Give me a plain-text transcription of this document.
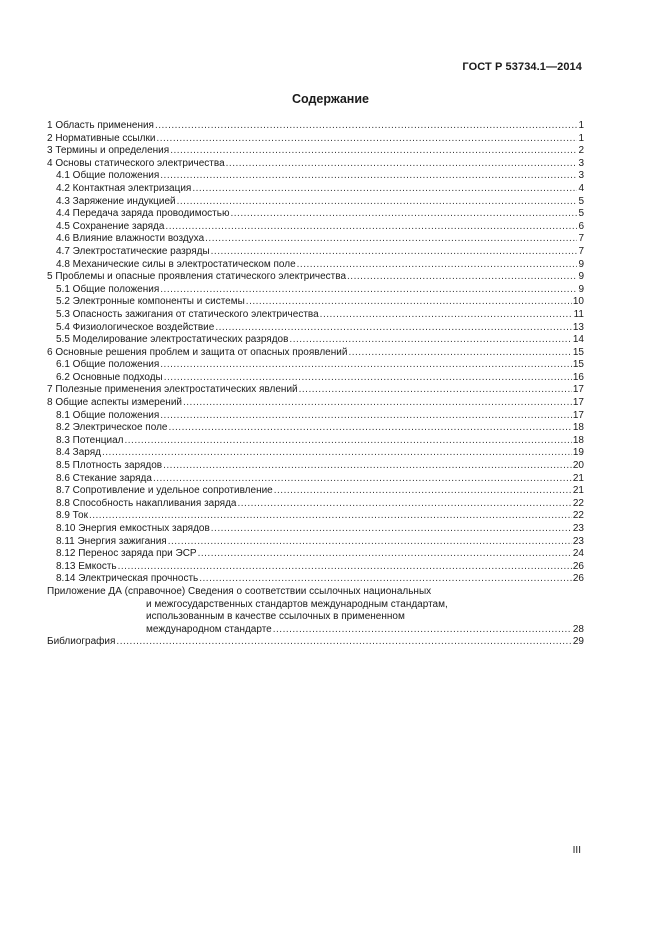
ГОСТ Р 53734.1—2014
Содержание
1 Область применения .....	1
2 Нормативные ссылки .....	1
3 Термины и определения .....	2
4 Основы статического электричества .....	3
4.1 Общие положения .....	3
4.2 Контактная электризация .....	4
4.3 Заряжение индукцией .....	5
4.4 Передача заряда проводимостью .....	5
4.5 Сохранение заряда .....	6
4.6 Влияние влажности воздуха .....	7
4.7 Электростатические разряды .....	7
4.8 Механические силы в электростатическом поле .....	9
5 Проблемы и опасные проявления статического электричества .....	9
5.1 Общие положения .....	9
5.2 Электронные компоненты и системы .....	10
5.3 Опасность зажигания от статического электричества .....	11
5.4 Физиологическое воздействие .....	13
5.5 Моделирование электростатических разрядов .....	14
6 Основные решения проблем и защита от опасных проявлений .....	15
6.1 Общие положения .....	15
6.2 Основные подходы .....	16
7 Полезные применения электростатических явлений .....	17
8 Общие аспекты измерений .....	17
8.1 Общие положения .....	17
8.2 Электрическое поле .....	18
8.3 Потенциал .....	18
8.4 Заряд .....	19
8.5 Плотность зарядов .....	20
8.6 Стекание заряда .....	21
8.7 Сопротивление и удельное сопротивление .....	21
8.8 Способность накапливания заряда .....	22
8.9 Ток .....	22
8.10 Энергия емкостных зарядов .....	23
8.11 Энергия зажигания .....	23
8.12 Перенос заряда при ЭСР .....	24
8.13 Емкость .....	26
8.14 Электрическая прочность .....	26
Приложение ДА (справочное) Сведения о соответствии ссылочных национальных
и межгосударственных стандартов международным стандартам,
использованным в качестве ссылочных в примененном
международном стандарте .....	28
Библиография .....	29
III
